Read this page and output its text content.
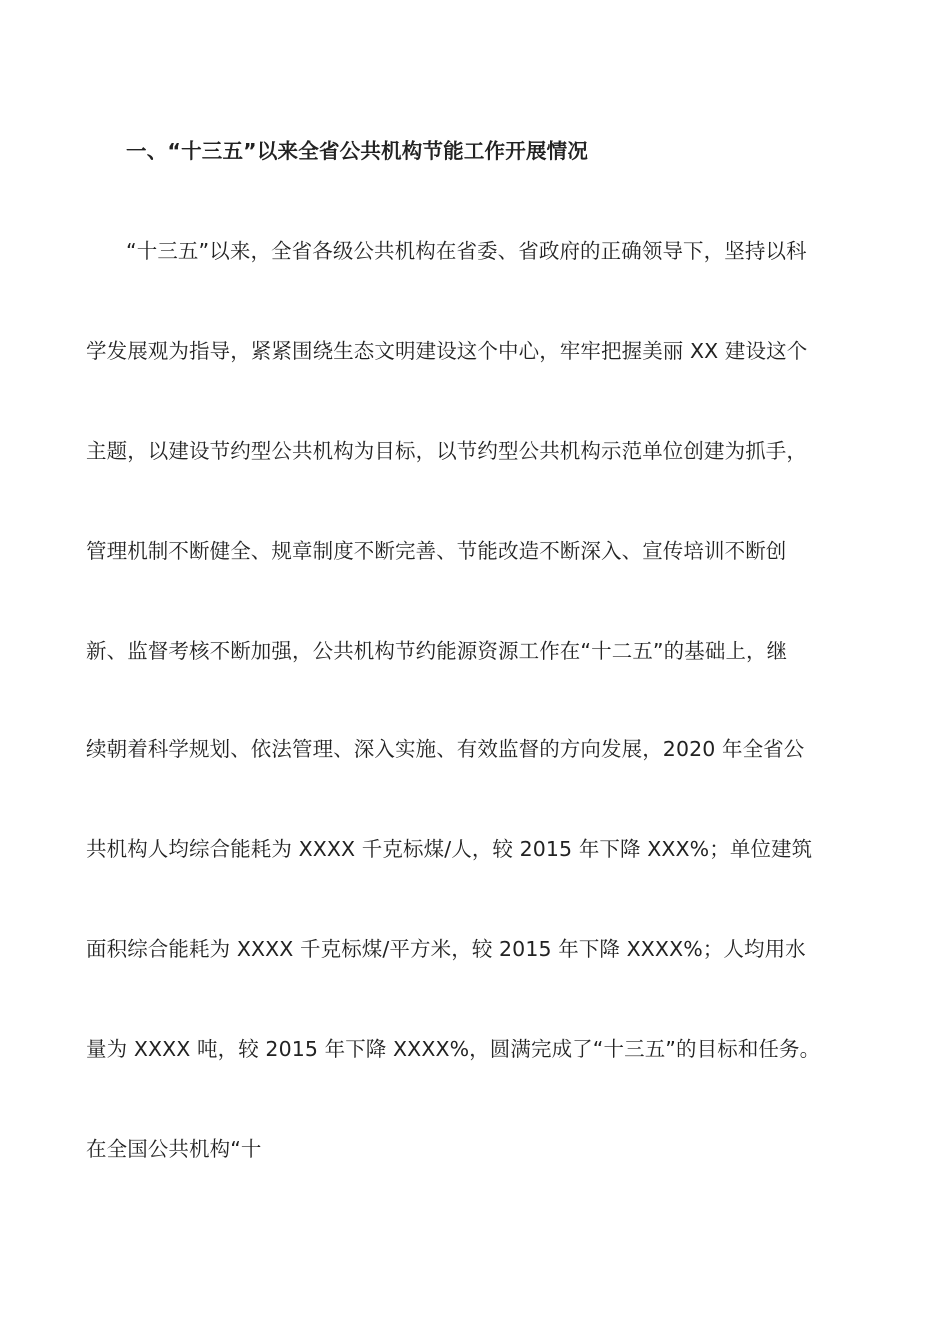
一、“十三五”以来全省公共机构节能工作开展情况
“十三五”以来，全省各级公共机构在省委、省政府的正确领导下，坚持以科
学发展观为指导，紧紧围绕生态文明建设这个中心，牢牢把握美丽 XX 建设这个
主题，以建设节约型公共机构为目标，以节约型公共机构示范单位创建为抓手，
管理机制不断健全、规章制度不断完善、节能改造不断深入、宣传培训不断创
新、监督考核不断加强，公共机构节约能源资源工作在“十二五”的基础上，继
续朝着科学规划、依法管理、深入实施、有效监督的方向发展，2020 年全省公
共机构人均综合能耗为 XXXX 千克标煤/人，较 2015 年下降 XXX%；单位建筑
面积综合能耗为 XXXX 千克标煤/平方米，较 2015 年下降 XXXX%；人均用水
量为 XXXX 吨，较 2015 年下降 XXXX%，圆满完成了“十三五”的目标和任务。
在全国公共机构“十
